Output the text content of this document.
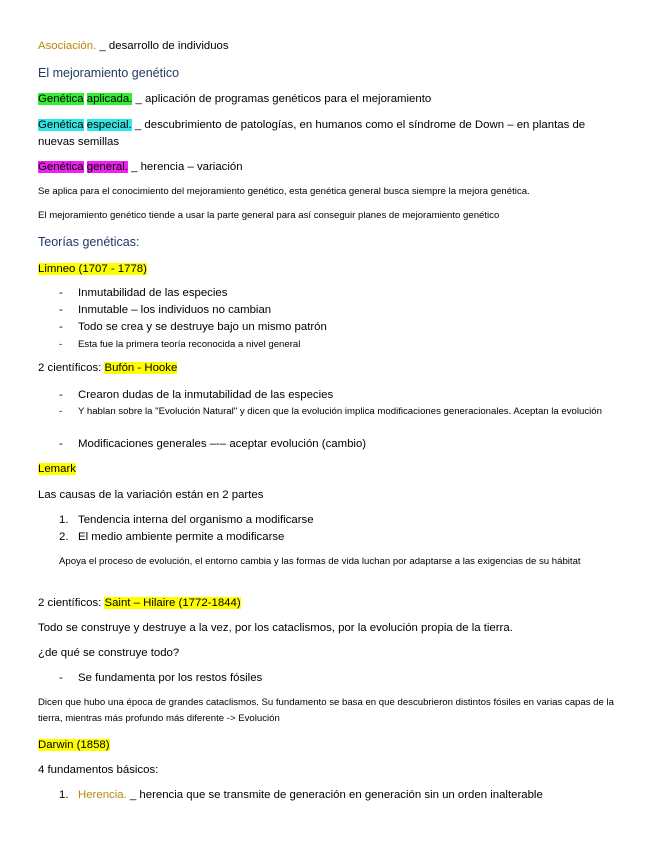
Asociación. _ desarrollo de individuos

El mejoramiento genético

Genética aplicada. _ aplicación de programas genéticos para el mejoramiento

Genética especial. _ descubrimiento de patologías, en humanos como el síndrome de Down – en plantas de nuevas semillas

Genética general. _ herencia – variación

Se aplica para el conocimiento del mejoramiento genético, esta genética general busca siempre la mejora genética.

El mejoramiento genético tiende a usar la parte general para así conseguir planes de mejoramiento genético

Teorías genéticas:

Limneo (1707 - 1778)

- Inmutabilidad de las especies
- Inmutable – los individuos no cambian
- Todo se crea y se destruye bajo un mismo patrón
- Esta fue la primera teoría reconocida a nivel general

2 científicos: Bufón - Hooke

- Crearon dudas de la inmutabilidad de las especies
-	Y hablan sobre la "Evolución Natural" y dicen que la evolución implica modificaciones generacionales. Aceptan la evolución
- Modificaciones generales –-– aceptar evolución (cambio)

Lemark

Las causas de la variación están en 2 partes

1. Tendencia interna del organismo a modificarse
2. El medio ambiente permite a modificarse

Apoya el proceso de evolución, el entorno cambia y las formas de vida luchan por adaptarse a las exigencias de su hábitat

2 científicos: Saint – Hilaire (1772-1844)

Todo se construye y destruye a la vez, por los cataclismos, por la evolución propia de la tierra.

¿de qué se construye todo?

- Se fundamenta por los restos fósiles

Dicen que hubo una época de grandes cataclismos. Su fundamento se basa en que descubrieron distintos fósiles en varias capas de la tierra, mientras más profundo más diferente -> Evolución

Darwin (1858)

4 fundamentos básicos:

1. Herencia. _ herencia que se transmite de generación en generación sin un orden inalterable
